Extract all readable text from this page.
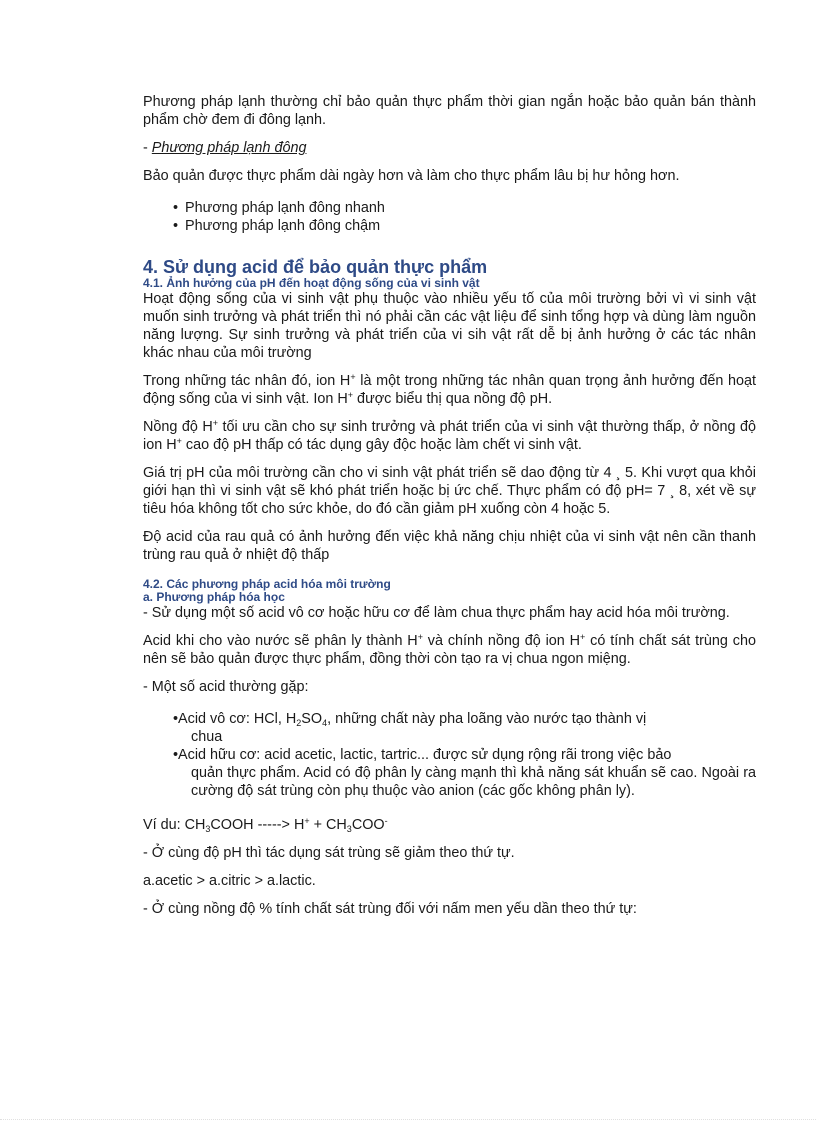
Phương pháp lạnh thường chỉ bảo quản thực phẩm thời gian ngắn hoặc bảo quản bán thành phẩm chờ đem đi đông lạnh.

- Phương pháp lạnh đông

Bảo quản được thực phẩm dài ngày hơn và làm cho thực phẩm lâu bị hư hỏng hơn.

• Phương pháp lạnh đông nhanh
• Phương pháp lạnh đông chậm
4. Sử dụng acid để bảo quản thực phẩm
4.1. Ảnh hưởng của pH đến hoạt động sống của vi sinh vật

Hoạt động sống của vi sinh vật phụ thuộc vào nhiều yếu tố của môi trường bởi vì vi sinh vật muốn sinh trưởng và phát triển thì nó phải cần các vật liệu để sinh tổng hợp và dùng làm nguồn năng lượng. Sự sinh trưởng và phát triển của vi sih vật rất dễ bị ảnh hưởng ở các tác nhân khác nhau của môi trường

Trong những tác nhân đó, ion H+ là một trong những tác nhân quan trọng ảnh hưởng đến hoạt động sống của vi sinh vật. Ion H+ được biểu thị qua nồng độ pH.

Nồng độ H+ tối ưu cần cho sự sinh trưởng và phát triển của vi sinh vật thường thấp, ở nồng độ ion H+ cao độ pH thấp có tác dụng gây độc hoặc làm chết vi sinh vật.

Giá trị pH của môi trường cần cho vi sinh vật phát triển sẽ dao động từ 4 ¸ 5. Khi vượt qua khỏi giới hạn thì vi sinh vật sẽ khó phát triển hoặc bị ức chế. Thực phẩm có độ pH= 7 ¸ 8, xét về sự tiêu hóa không tốt cho sức khỏe, do đó cần giảm pH xuống còn 4 hoặc 5.

Độ acid của rau quả có ảnh hưởng đến việc khả năng chịu nhiệt của vi sinh vật nên cần thanh trùng rau quả ở nhiệt độ thấp

4.2. Các phương pháp acid hóa môi trường
a. Phương pháp hóa học

- Sử dụng một số acid vô cơ hoặc hữu cơ để làm chua thực phẩm hay acid hóa môi trường.

Acid khi cho vào nước sẽ phân ly thành H+ và chính nồng độ ion H+ có tính chất sát trùng cho nên sẽ bảo quản được thực phẩm, đồng thời còn tạo ra vị chua ngon miệng.

- Một số acid thường gặp:

•Acid vô cơ: HCl, $H_2SO_4$, những chất này pha loãng vào nước tạo thành vị
chua
•Acid hữu cơ: acid acetic, lactic, tartric... được sử dụng rộng rãi trong việc bảo
quản thực phẩm. Acid có độ phân ly càng mạnh thì khả năng sát khuẩn sẽ cao. Ngoài ra cường độ sát trùng còn phụ thuộc vào anion (các gốc không phân ly).

Ví du: $CH_3COOH$ -----> $H^+ + CH_3COO^-$

- Ở cùng độ pH thì tác dụng sát trùng sẽ giảm theo thứ tự.

a.acetic > a.citric > a.lactic.

- Ở cùng nồng độ % tính chất sát trùng đối với nấm men yếu dần theo thứ tự:
